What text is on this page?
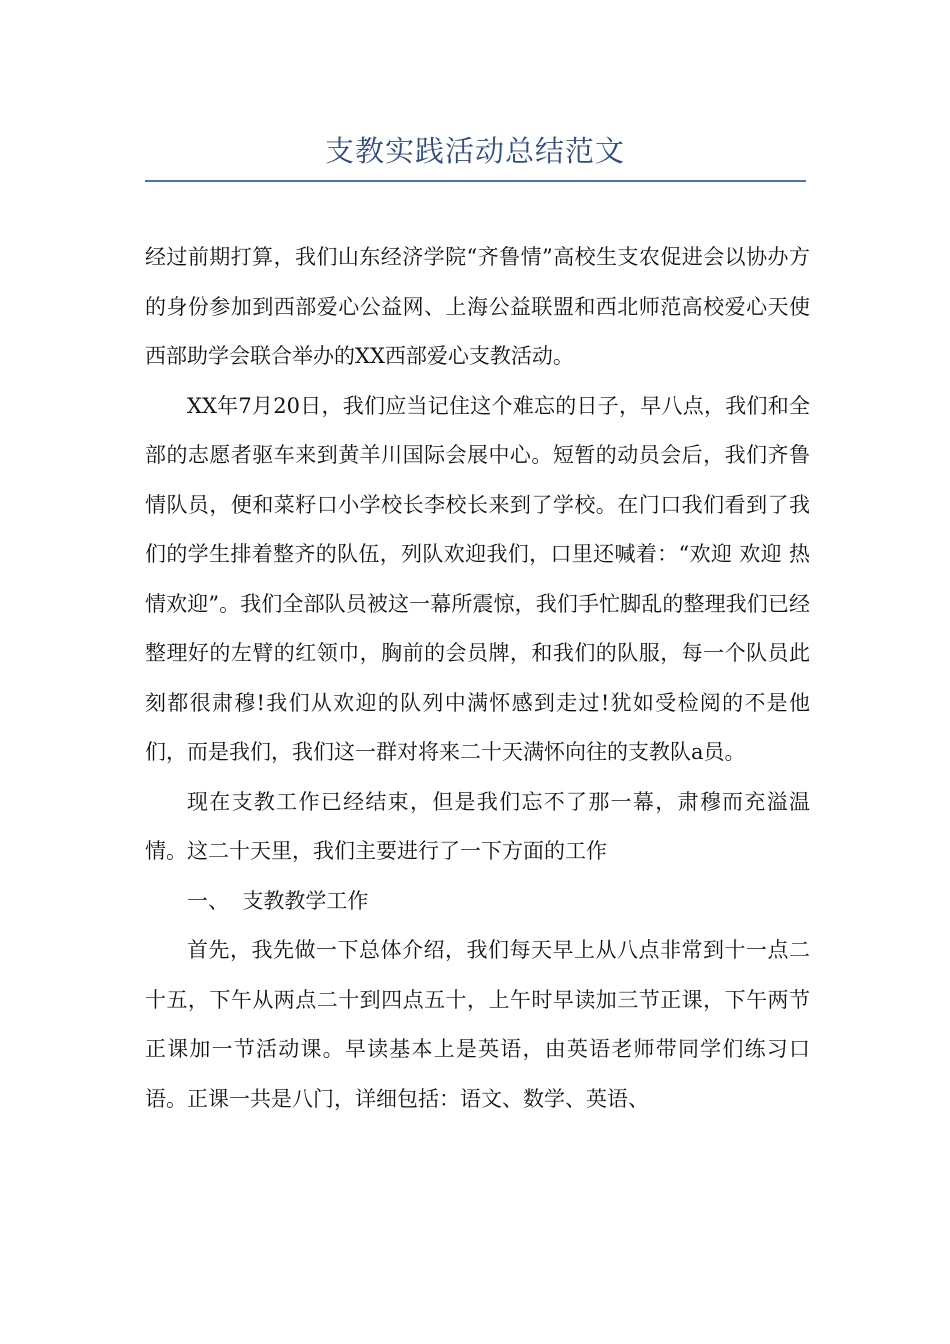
支教实践活动总结范文

经过前期打算，我们山东经济学院“齐鲁情”高校生支农促进会以协办方的身份参加到西部爱心公益网、上海公益联盟和西北师范高校爱心天使西部助学会联合举办的XX西部爱心支教活动。

XX年7月20日，我们应当记住这个难忘的日子，早八点，我们和全部的志愿者驱车来到黄羊川国际会展中心。短暂的动员会后，我们齐鲁情队员，便和菜籽口小学校长李校长来到了学校。在门口我们看到了我们的学生排着整齐的队伍，列队欢迎我们，口里还喊着：“欢迎 欢迎 热情欢迎”。我们全部队员被这一幕所震惊，我们手忙脚乱的整理我们已经整理好的左臂的红领巾，胸前的会员牌，和我们的队服，每一个队员此刻都很肃穆!我们从欢迎的队列中满怀感到走过!犹如受检阅的不是他们，而是我们，我们这一群对将来二十天满怀向往的支教队a员。

现在支教工作已经结束，但是我们忘不了那一幕，肃穆而充溢温情。这二十天里，我们主要进行了一下方面的工作

一、  支教教学工作

首先，我先做一下总体介绍，我们每天早上从八点非常到十一点二十五，下午从两点二十到四点五十，上午时早读加三节正课，下午两节正课加一节活动课。早读基本上是英语，由英语老师带同学们练习口语。正课一共是八门，详细包括：语文、数学、英语、
